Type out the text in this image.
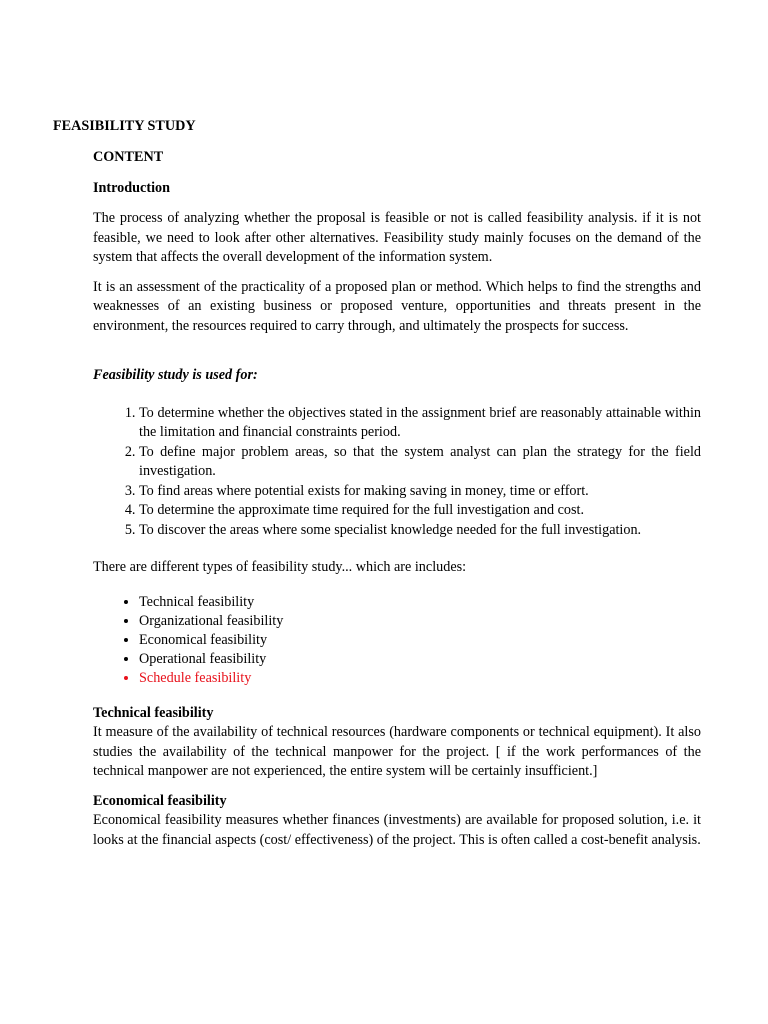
FEASIBILITY STUDY

CONTENT

Introduction

The process of analyzing whether the proposal is feasible or not is called feasibility analysis. if it is not feasible, we need to look after other alternatives. Feasibility study mainly focuses on the demand of the system that affects the overall development of the information system.

It is an assessment of the practicality of a proposed plan or method. Which helps to find the strengths and weaknesses of an existing business or proposed venture, opportunities and threats present in the environment, the resources required to carry through, and ultimately the prospects for success.

Feasibility study is used for:

1. To determine whether the objectives stated in the assignment brief are reasonably attainable within the limitation and financial constraints period.
2. To define major problem areas, so that the system analyst can plan the strategy for the field investigation.
3. To find areas where potential exists for making saving in money, time or effort.
4. To determine the approximate time required for the full investigation and cost.
5. To discover the areas where some specialist knowledge needed for the full investigation.

There are different types of feasibility study... which are includes:

• Technical feasibility
• Organizational feasibility
• Economical feasibility
• Operational feasibility
• Schedule feasibility

Technical feasibility

It measure of the availability of technical resources (hardware components or technical equipment). It also studies the availability of the technical manpower for the project. [ if the work performances of the technical manpower are not experienced, the entire system will be certainly insufficient.]

Economical feasibility

Economical feasibility measures whether finances (investments) are available for proposed solution, i.e. it looks at the financial aspects (cost/ effectiveness) of the project. This is often called a cost-benefit analysis.
